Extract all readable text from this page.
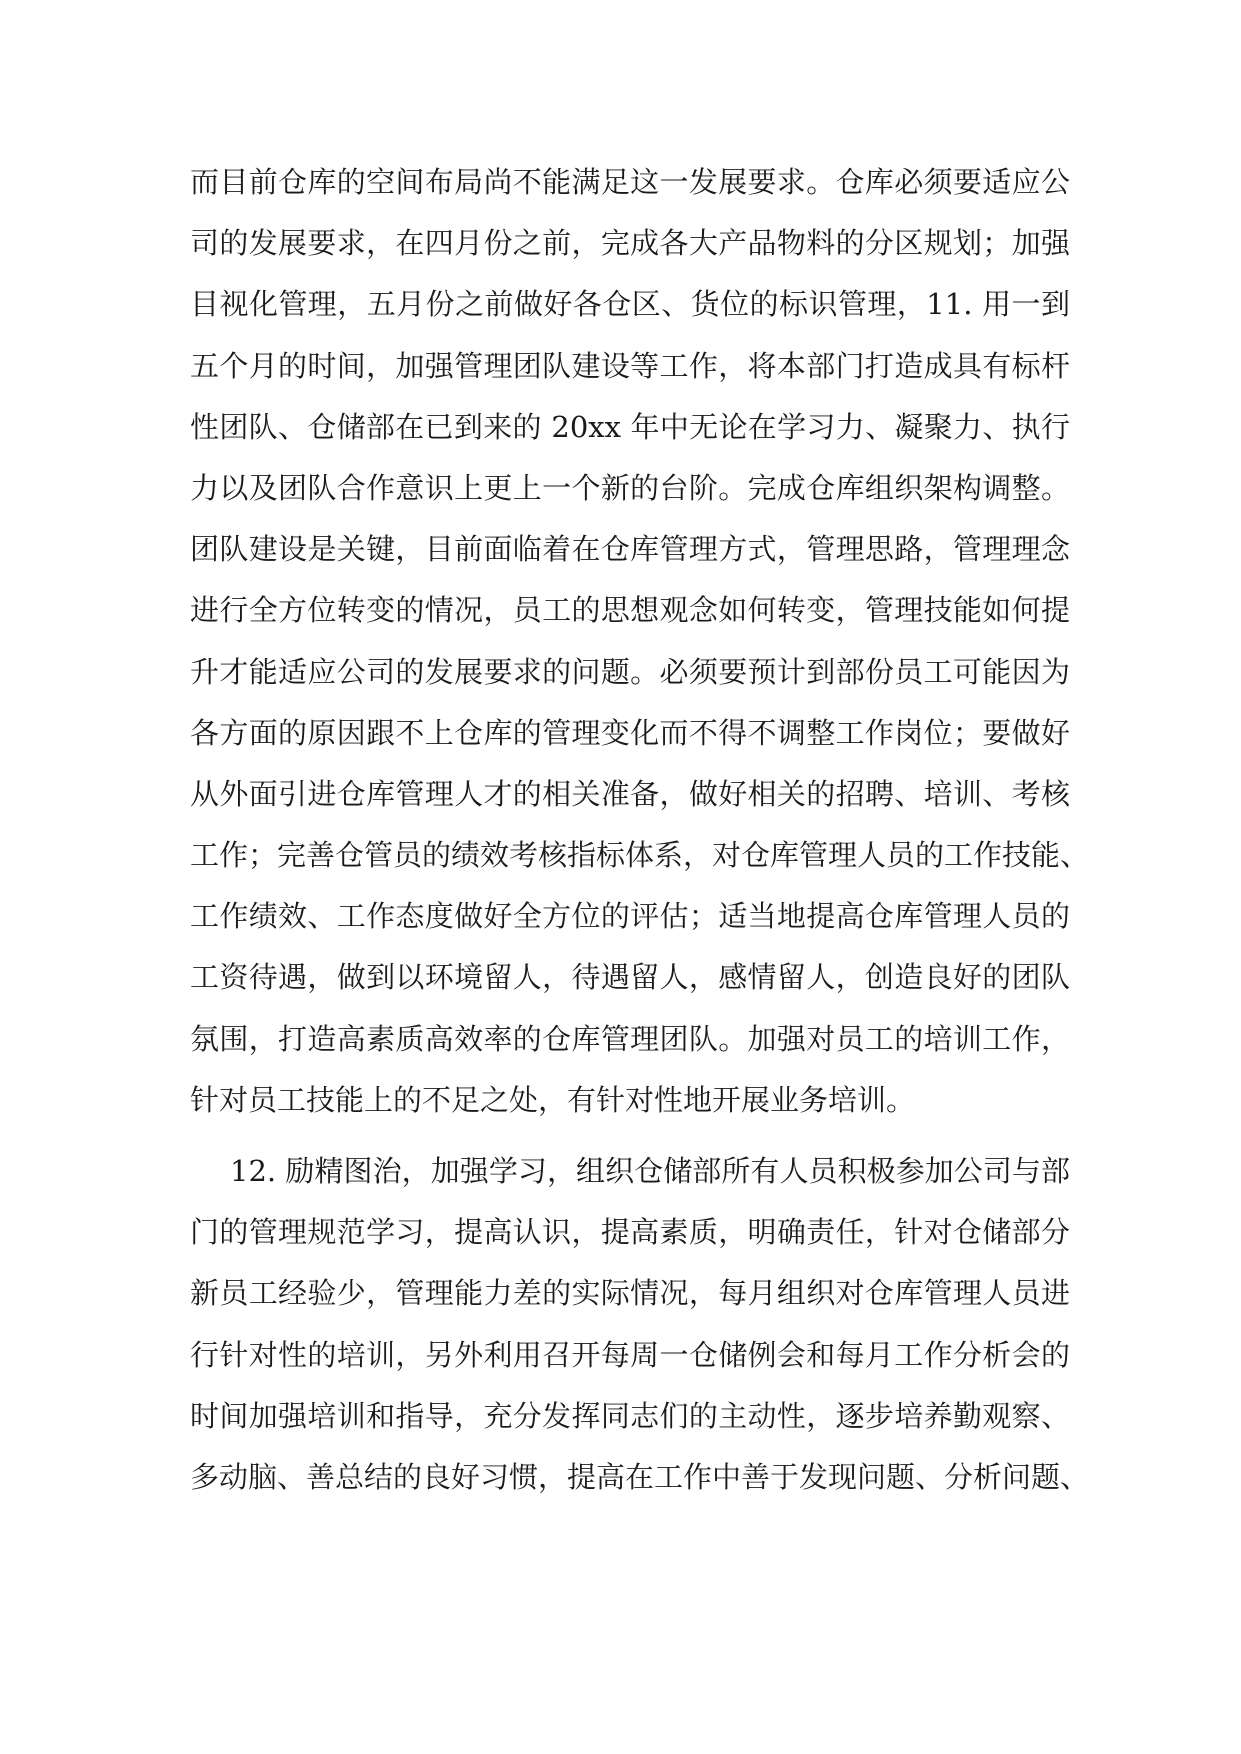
而目前仓库的空间布局尚不能满足这一发展要求。仓库必须要适应公
司的发展要求，在四月份之前，完成各大产品物料的分区规划；加强
目视化管理，五月份之前做好各仓区、货位的标识管理，11. 用一到
五个月的时间，加强管理团队建设等工作，将本部门打造成具有标杆
性团队、仓储部在已到来的 20xx 年中无论在学习力、凝聚力、执行
力以及团队合作意识上更上一个新的台阶。完成仓库组织架构调整。
团队建设是关键，目前面临着在仓库管理方式，管理思路，管理理念
进行全方位转变的情况，员工的思想观念如何转变，管理技能如何提
升才能适应公司的发展要求的问题。必须要预计到部份员工可能因为
各方面的原因跟不上仓库的管理变化而不得不调整工作岗位；要做好
从外面引进仓库管理人才的相关准备，做好相关的招聘、培训、考核
工作；完善仓管员的绩效考核指标体系，对仓库管理人员的工作技能、
工作绩效、工作态度做好全方位的评估；适当地提高仓库管理人员的
工资待遇，做到以环境留人，待遇留人，感情留人，创造良好的团队
氛围，打造高素质高效率的仓库管理团队。加强对员工的培训工作，
针对员工技能上的不足之处，有针对性地开展业务培训。
12. 励精图治，加强学习，组织仓储部所有人员积极参加公司与部
门的管理规范学习，提高认识，提高素质，明确责任，针对仓储部分
新员工经验少，管理能力差的实际情况，每月组织对仓库管理人员进
行针对性的培训，另外利用召开每周一仓储例会和每月工作分析会的
时间加强培训和指导，充分发挥同志们的主动性，逐步培养勤观察、
多动脑、善总结的良好习惯，提高在工作中善于发现问题、分析问题、
